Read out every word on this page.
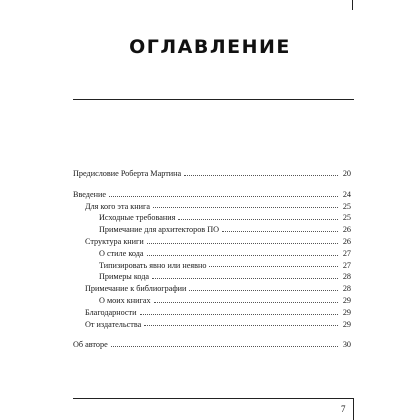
ОГЛАВЛЕНИЕ
Предисловие Роберта Мартина	20
Введение	24
Для кого эта книга	25
Исходные требования	25
Примечание для архитекторов ПО	26
Структура книги	26
О стиле кода	27
Типизировать явно или неявно	27
Примеры кода	28
Примечание к библиографии	28
О моих книгах	29
Благодарности	29
От издательства	29
Об авторе	30
7
